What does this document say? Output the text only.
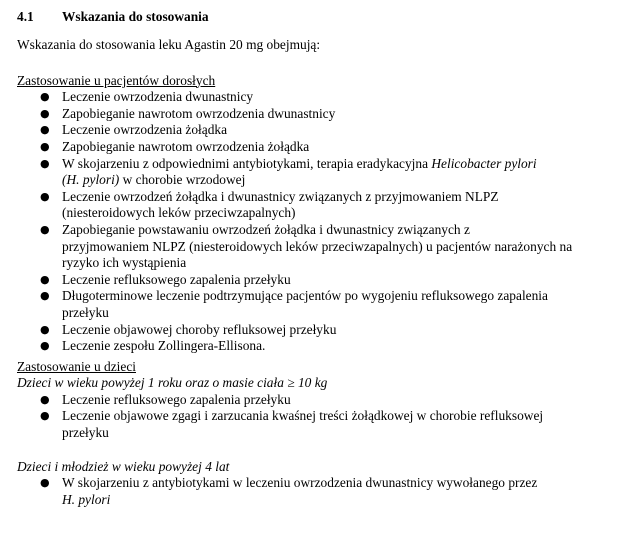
4.1	Wskazania do stosowania
Wskazania do stosowania leku Agastin 20 mg obejmują:
Zastosowanie u pacjentów dorosłych
● Leczenie owrzodzenia dwunastnicy
● Zapobieganie nawrotom owrzodzenia dwunastnicy
● Leczenie owrzodzenia żołądka
● Zapobieganie nawrotom owrzodzenia żołądka
● W skojarzeniu z odpowiednimi antybiotykami, terapia eradykacyjna Helicobacter pylori
(H. pylori) w chorobie wrzodowej
● Leczenie owrzodzeń żołądka i dwunastnicy związanych z przyjmowaniem NLPZ
(niesteroidowych leków przeciwzapalnych)
● Zapobieganie powstawaniu owrzodzeń żołądka i dwunastnicy związanych z
przyjmowaniem NLPZ (niesteroidowych leków przeciwzapalnych) u pacjentów narażonych na
ryzyko ich wystąpienia
● Leczenie refluksowego zapalenia przełyku
● Długoterminowe leczenie podtrzymujące pacjentów po wygojeniu refluksowego zapalenia
przełyku
● Leczenie objawowej choroby refluksowej przełyku
● Leczenie zespołu Zollingera-Ellisona.
Zastosowanie u dzieci
Dzieci w wieku powyżej 1 roku oraz o masie ciała ≥ 10 kg
● Leczenie refluksowego zapalenia przełyku
● Leczenie objawowe zgagi i zarzucania kwaśnej treści żołądkowej w chorobie refluksowej
przełyku
Dzieci i młodzież w wieku powyżej 4 lat
● W skojarzeniu z antybiotykami w leczeniu owrzodzenia dwunastnicy wywołanego przez
H. pylori
